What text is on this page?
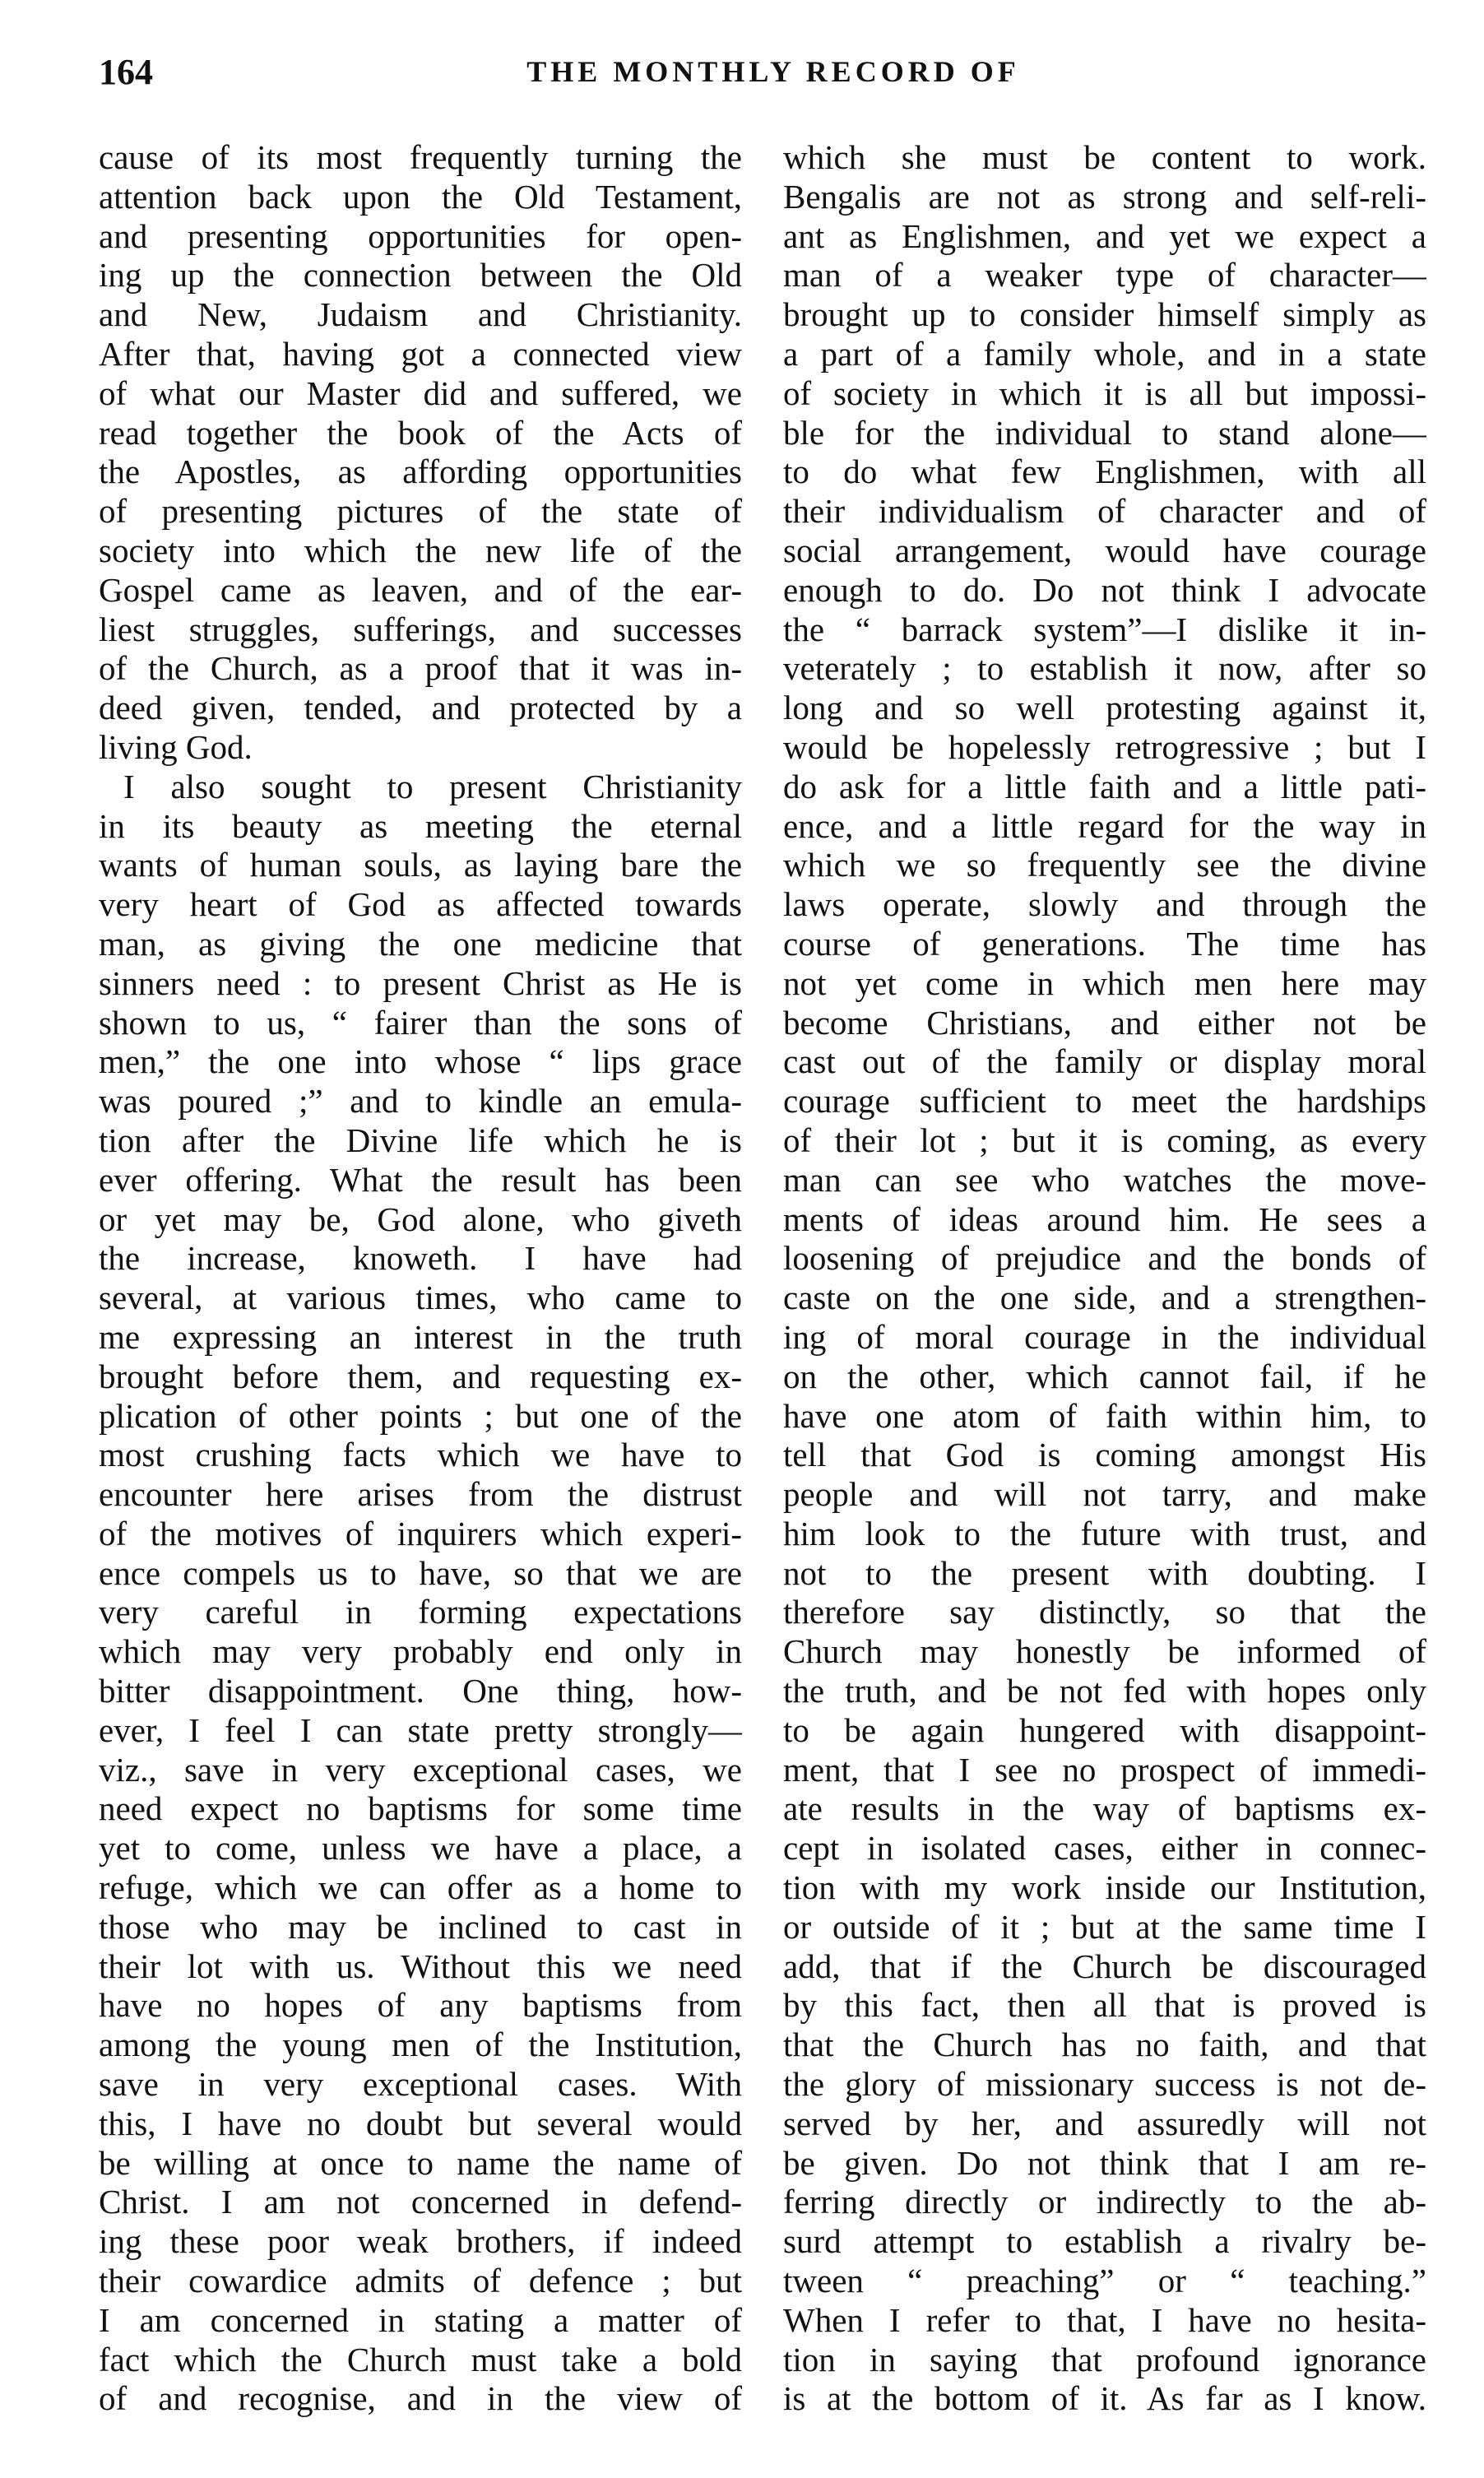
164	THE MONTHLY RECORD OF
cause of its most frequently turning the
attention back upon the Old Testament,
and presenting opportunities for open-
ing up the connection between the Old
and New, Judaism and Christianity.
After that, having got a connected view
of what our Master did and suffered, we
read together the book of the Acts of
the Apostles, as affording opportunities
of presenting pictures of the state of
society into which the new life of the
Gospel came as leaven, and of the ear-
liest struggles, sufferings, and successes
of the Church, as a proof that it was in-
deed given, tended, and protected by a
living God.
I also sought to present Christianity
in its beauty as meeting the eternal
wants of human souls, as laying bare the
very heart of God as affected towards
man, as giving the one medicine that
sinners need : to present Christ as He is
shown to us, “ fairer than the sons of
men,” the one into whose “ lips grace
was poured ;” and to kindle an emula-
tion after the Divine life which he is
ever offering. What the result has been
or yet may be, God alone, who giveth
the increase, knoweth. I have had
several, at various times, who came to
me expressing an interest in the truth
brought before them, and requesting ex-
plication of other points ; but one of the
most crushing facts which we have to
encounter here arises from the distrust
of the motives of inquirers which experi-
ence compels us to have, so that we are
very careful in forming expectations
which may very probably end only in
bitter disappointment. One thing, how-
ever, I feel I can state pretty strongly—
viz., save in very exceptional cases, we
need expect no baptisms for some time
yet to come, unless we have a place, a
refuge, which we can offer as a home to
those who may be inclined to cast in
their lot with us. Without this we need
have no hopes of any baptisms from
among the young men of the Institution,
save in very exceptional cases. With
this, I have no doubt but several would
be willing at once to name the name of
Christ. I am not concerned in defend-
ing these poor weak brothers, if indeed
their cowardice admits of defence ; but
I am concerned in stating a matter of
fact which the Church must take a bold
of and recognise, and in the view of
which she must be content to work.
Bengalis are not as strong and self-reli-
ant as Englishmen, and yet we expect a
man of a weaker type of character—
brought up to consider himself simply as
a part of a family whole, and in a state
of society in which it is all but impossi-
ble for the individual to stand alone—
to do what few Englishmen, with all
their individualism of character and of
social arrangement, would have courage
enough to do. Do not think I advocate
the “ barrack system”—I dislike it in-
veterately ; to establish it now, after so
long and so well protesting against it,
would be hopelessly retrogressive ; but I
do ask for a little faith and a little pati-
ence, and a little regard for the way in
which we so frequently see the divine
laws operate, slowly and through the
course of generations. The time has
not yet come in which men here may
become Christians, and either not be
cast out of the family or display moral
courage sufficient to meet the hardships
of their lot ; but it is coming, as every
man can see who watches the move-
ments of ideas around him. He sees a
loosening of prejudice and the bonds of
caste on the one side, and a strengthen-
ing of moral courage in the individual
on the other, which cannot fail, if he
have one atom of faith within him, to
tell that God is coming amongst His
people and will not tarry, and make
him look to the future with trust, and
not to the present with doubting. I
therefore say distinctly, so that the
Church may honestly be informed of
the truth, and be not fed with hopes only
to be again hungered with disappoint-
ment, that I see no prospect of immedi-
ate results in the way of baptisms ex-
cept in isolated cases, either in connec-
tion with my work inside our Institution,
or outside of it ; but at the same time I
add, that if the Church be discouraged
by this fact, then all that is proved is
that the Church has no faith, and that
the glory of missionary success is not de-
served by her, and assuredly will not
be given. Do not think that I am re-
ferring directly or indirectly to the ab-
surd attempt to establish a rivalry be-
tween “ preaching” or “ teaching.”
When I refer to that, I have no hesita-
tion in saying that profound ignorance
is at the bottom of it. As far as I know.
